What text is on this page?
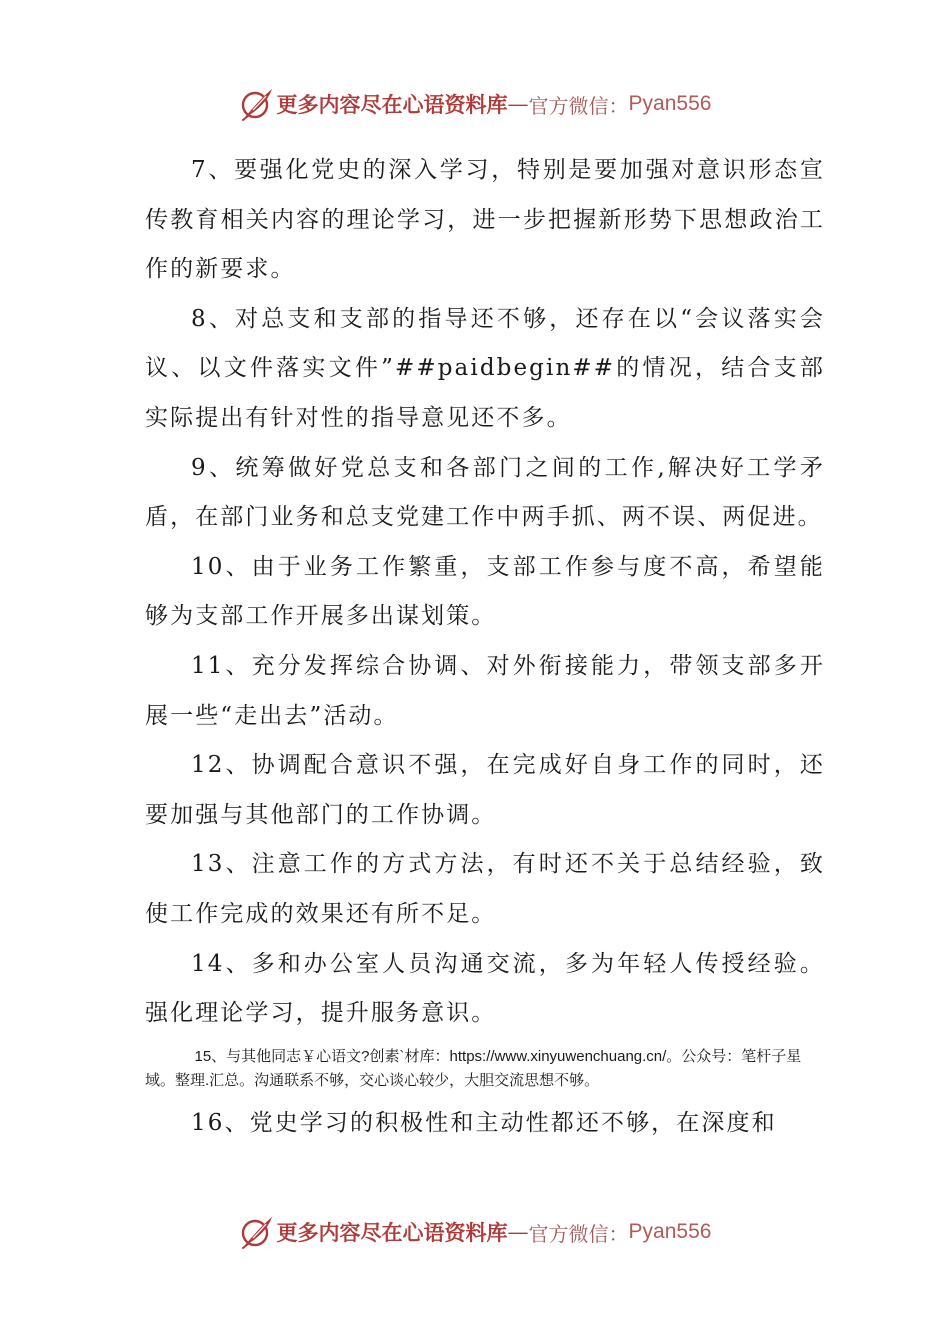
更多内容尽在心语资料库 — 官方微信： Pyan556

7、要强化党史的深入学习，特别是要加强对意识形态宣传教育相关内容的理论学习，进一步把握新形势下思想政治工作的新要求。

8、对总支和支部的指导还不够，还存在以“会议落实会议、以文件落实文件”##paidbegin##的情况，结合支部实际提出有针对性的指导意见还不多。

9、统筹做好党总支和各部门之间的工作,解决好工学矛盾，在部门业务和总支党建工作中两手抓、两不误、两促进。

10、由于业务工作繁重，支部工作参与度不高，希望能够为支部工作开展多出谋划策。

11、充分发挥综合协调、对外衔接能力，带领支部多开展一些“走出去”活动。

12、协调配合意识不强，在完成好自身工作的同时，还要加强与其他部门的工作协调。

13、注意工作的方式方法，有时还不关于总结经验，致使工作完成的效果还有所不足。

14、多和办公室人员沟通交流，多为年轻人传授经验。强化理论学习，提升服务意识。

15、与其他同志￥心语文?创素`材库：https://www.xinyuwenchuang.cn/。公众号：笔杆子星域。整理.汇总。沟通联系不够，交心谈心较少，大胆交流思想不够。

16、党史学习的积极性和主动性都还不够，在深度和

更多内容尽在心语资料库 — 官方微信： Pyan556
